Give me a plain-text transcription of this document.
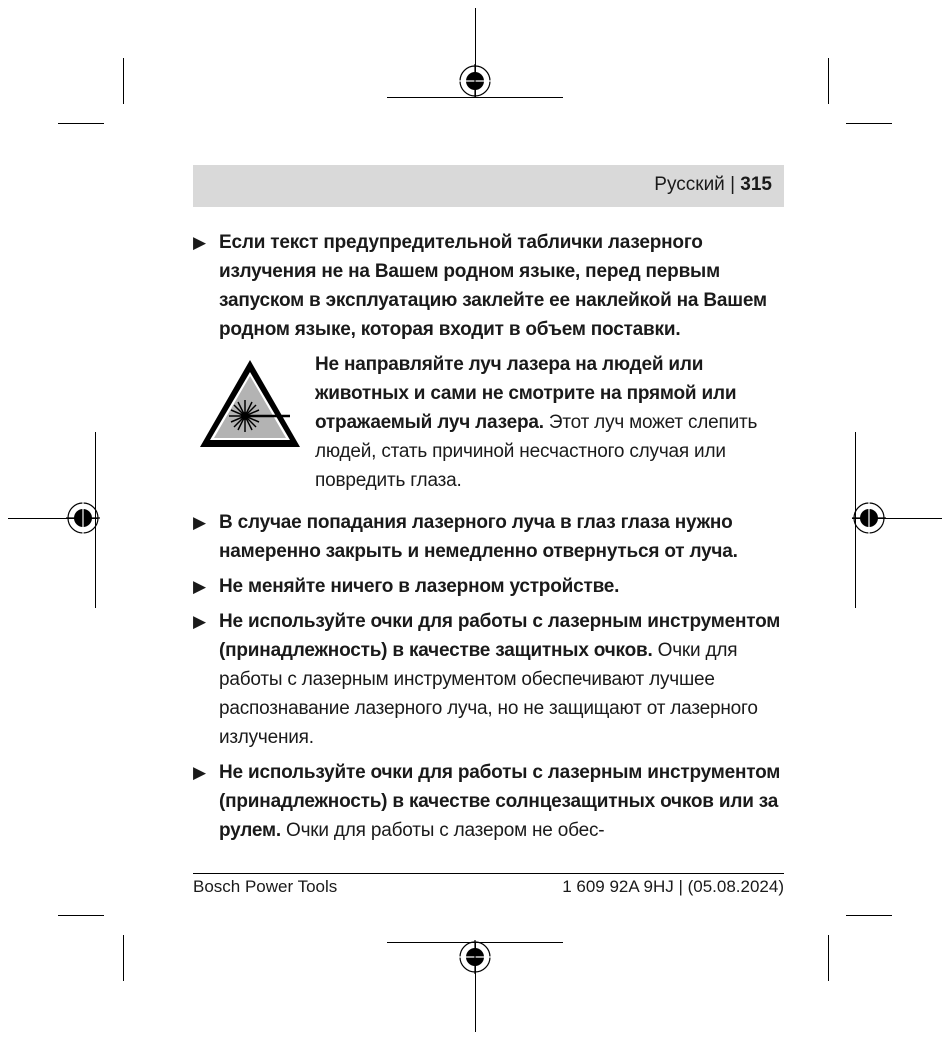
Русский | 315
▶ Если текст предупредительной таблички лазерного излучения не на Вашем родном языке, перед первым запуском в эксплуатацию заклейте ее наклейкой на Вашем родном языке, которая входит в объем поставки.
Не направляйте луч лазера на людей или животных и сами не смотрите на прямой или отражаемый луч лазера. Этот луч может слепить людей, стать причиной несчастного случая или повредить глаза.
▶ В случае попадания лазерного луча в глаз глаза нужно намеренно закрыть и немедленно отвернуться от луча.
▶ Не меняйте ничего в лазерном устройстве.
▶ Не используйте очки для работы с лазерным инструментом (принадлежность) в качестве защитных очков. Очки для работы с лазерным инструментом обеспечивают лучшее распознавание лазерного луча, но не защищают от лазерного излучения.
▶ Не используйте очки для работы с лазерным инструментом (принадлежность) в качестве солнцезащитных очков или за рулем. Очки для работы с лазером не обес-
Bosch Power Tools	1 609 92A 9HJ | (05.08.2024)
